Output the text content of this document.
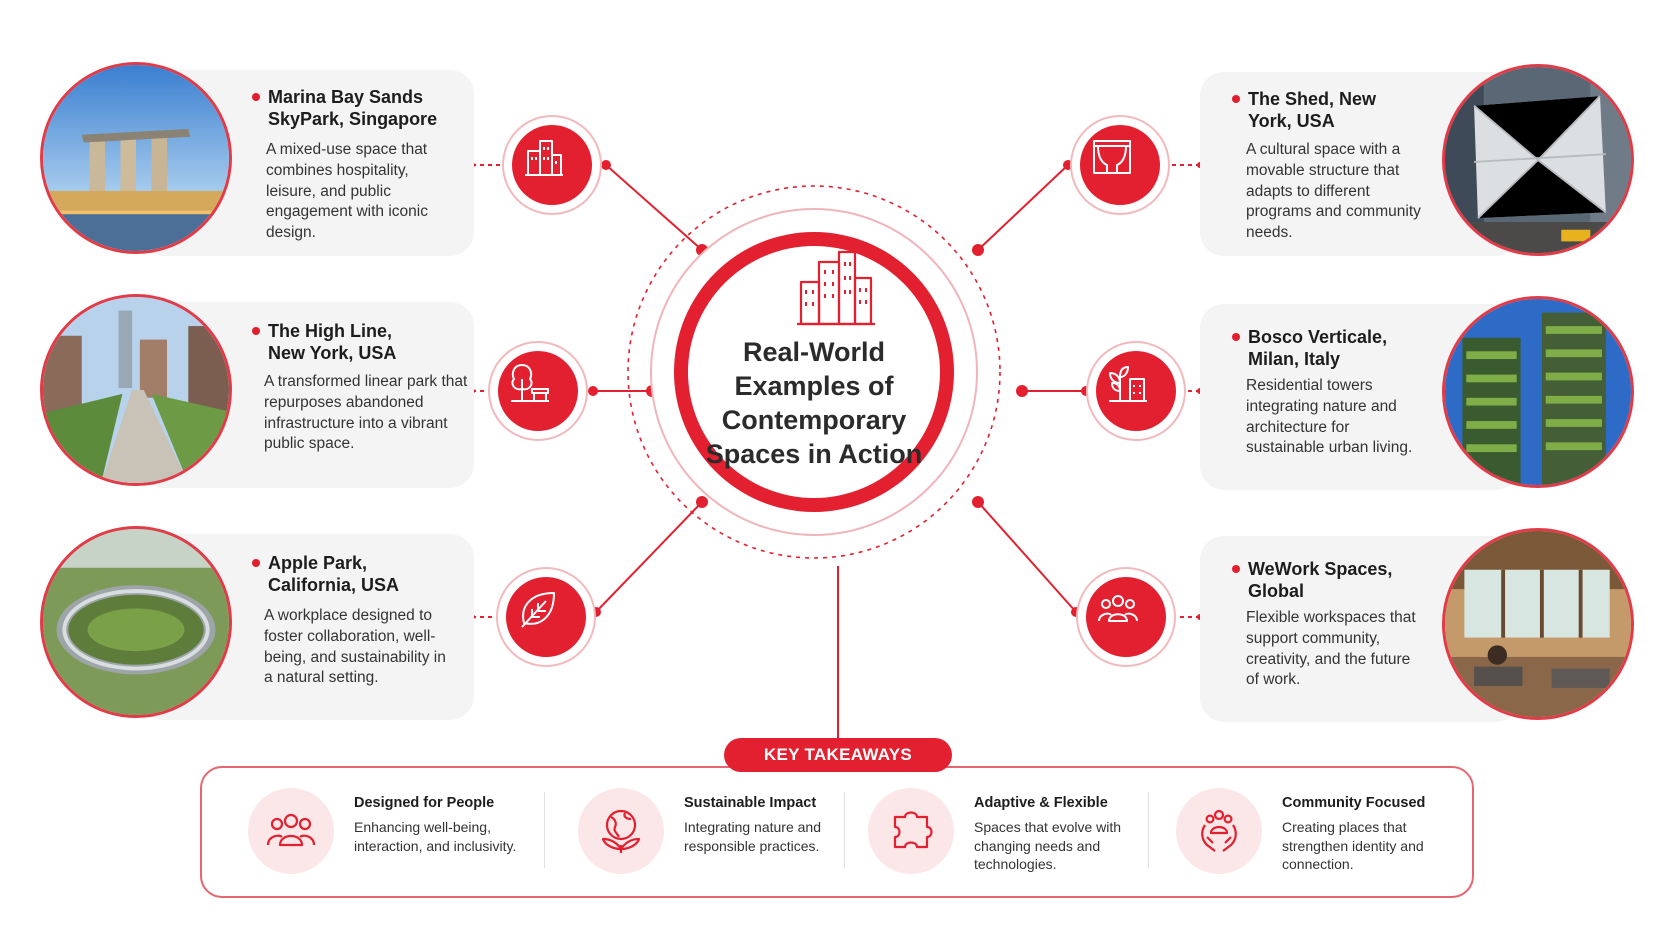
Real-World Examples of Contemporary Spaces in Action
Marina Bay Sands SkyPark, Singapore
A mixed-use space that combines hospitality, leisure, and public engagement with iconic design.
The High Line, New York, USA
A transformed linear park that repurposes abandoned infrastructure into a vibrant public space.
Apple Park, California, USA
A workplace designed to foster collaboration, well-being, and sustainability in a natural setting.
The Shed, New York, USA
A cultural space with a movable structure that adapts to different programs and community needs.
Bosco Verticale, Milan, Italy
Residential towers integrating nature and architecture for sustainable urban living.
WeWork Spaces, Global
Flexible workspaces that support community, creativity, and the future of work.
KEY TAKEAWAYS
Designed for People
Enhancing well-being, interaction, and inclusivity.
Sustainable Impact
Integrating nature and responsible practices.
Adaptive & Flexible
Spaces that evolve with changing needs and technologies.
Community Focused
Creating places that strengthen identity and connection.
